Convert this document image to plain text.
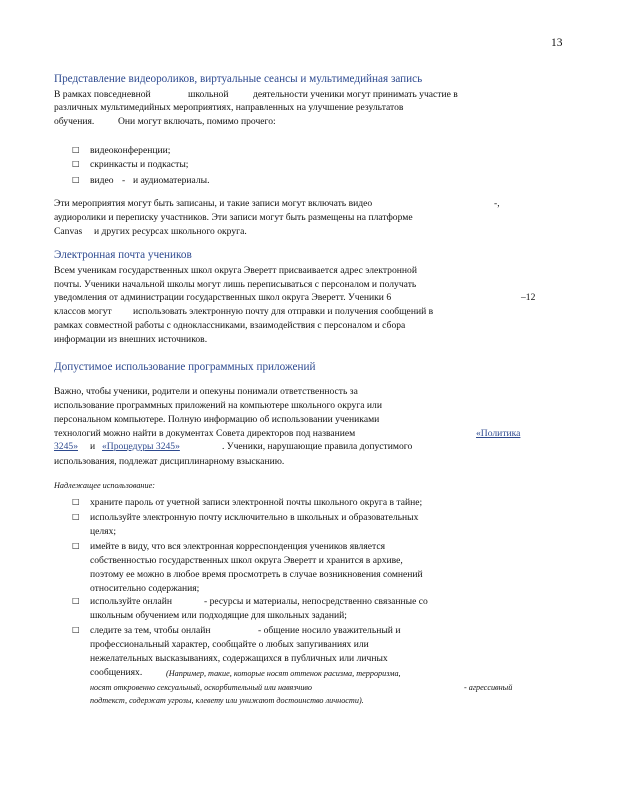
13
Представление видеороликов, виртуальные сеансы и мультимедийная запись
В рамках повседневной	школьной	деятельности ученики могут принимать участие в
различных мультимедийных мероприятиях, направленных на улучшение результатов
обучения. Они могут включать, помимо прочего:
□ видеоконференции;
□ скринкасты и подкасты;
□ видео - и аудиоматериалы.
Эти мероприятия могут быть записаны, и такие записи могут включать видео	-,
аудиоролики и переписку участников. Эти записи могут быть размещены на платформе
Canvas и других ресурсах школьного округа.
Электронная почта учеников
Всем ученикам государственных школ округа Эверетт присваивается адрес электронной
почты. Ученики начальной школы могут лишь переписываться с персоналом и получать
уведомления от администрации государственных школ округа Эверетт. Ученики 6	–12
классов могут использовать электронную почту для отправки и получения сообщений в
рамках совместной работы с одноклассниками, взаимодействия с персоналом и сбора
информации из внешних источников.
Допустимое использование программных приложений
Важно, чтобы ученики, родители и опекуны понимали ответственность за
использование программных приложений на компьютере школьного округа или
персональном компьютере. Полную информацию об использовании учениками
технологий можно найти в документах Совета директоров под названием	«Политика
3245» и «Процедуры 3245»	. Ученики, нарушающие правила допустимого
использования, подлежат дисциплинарному взысканию.
Надлежащее использование:
□ храните пароль от учетной записи электронной почты школьного округа в тайне;
□ используйте электронную почту исключительно в школьных и образовательных
целях;
□ имейте в виду, что вся электронная корреспонденция учеников является
собственностью государственных школ округа Эверетт и хранится в архиве,
поэтому ее можно в любое время просмотреть в случае возникновения сомнений
относительно содержания;
□ используйте онлайн	- ресурсы и материалы, непосредственно связанные со
школьным обучением или подходящие для школьных заданий;
□ следите за тем, чтобы онлайн	- общение носило уважительный и
профессиональный характер, сообщайте о любых запугиваниях или
нежелательных высказываниях, содержащихся в публичных или личных
сообщениях.	(Например, такие, которые носят оттенок расизма, терроризма,
носят откровенно сексуальный, оскорбительный или навязчиво	- агрессивный
подтекст, содержат угрозы, клевету или унижают достоинство личности).
